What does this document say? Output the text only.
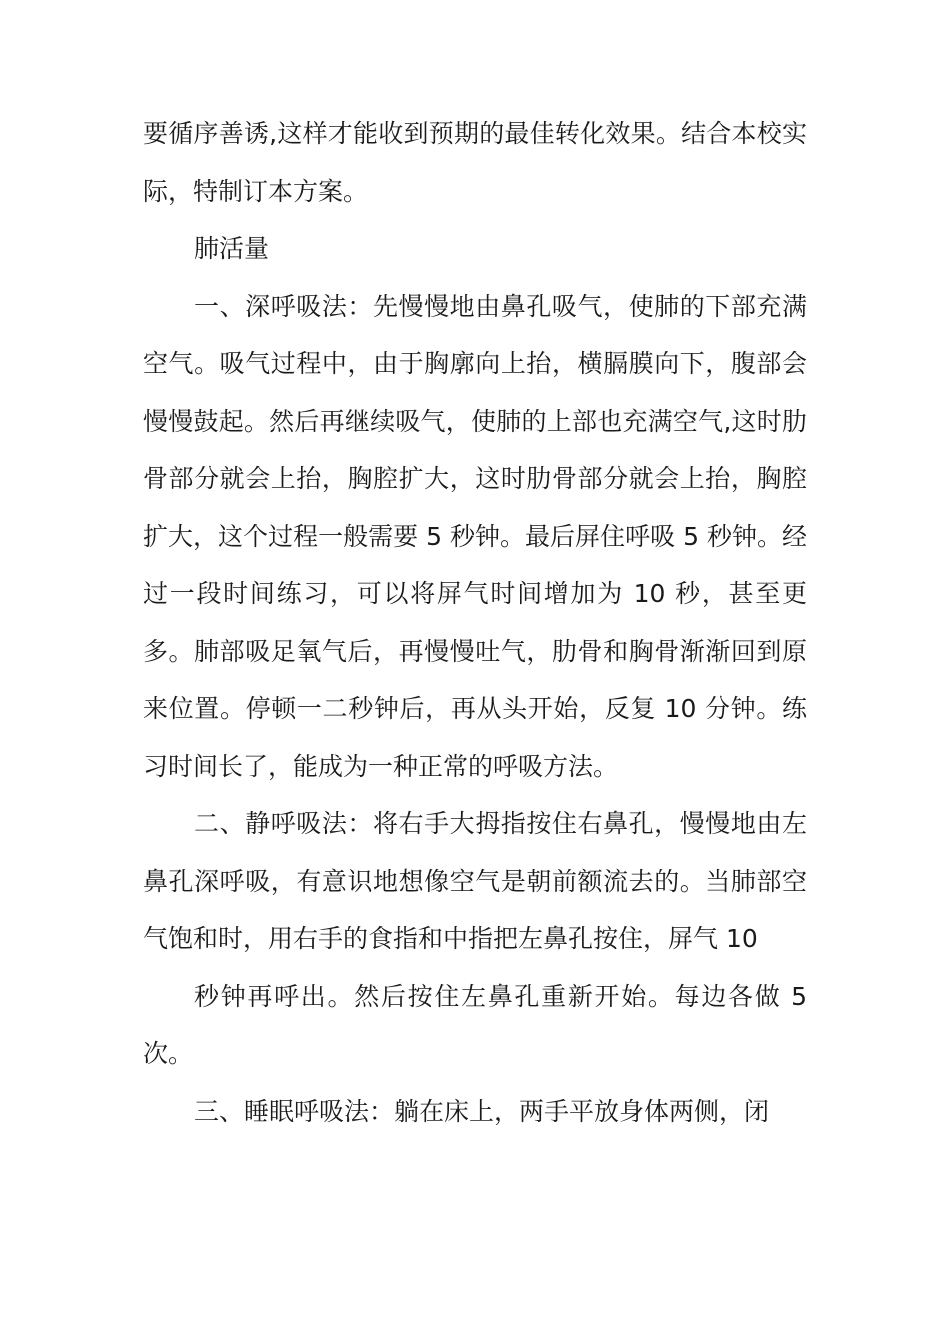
要循序善诱,这样才能收到预期的最佳转化效果。结合本校实际，特制订本方案。

肺活量

一、深呼吸法：先慢慢地由鼻孔吸气，使肺的下部充满空气。吸气过程中，由于胸廓向上抬，横膈膜向下，腹部会慢慢鼓起。然后再继续吸气，使肺的上部也充满空气,这时肋骨部分就会上抬，胸腔扩大，这时肋骨部分就会上抬，胸腔扩大，这个过程一般需要 5 秒钟。最后屏住呼吸 5 秒钟。经过一段时间练习，可以将屏气时间增加为 10 秒，甚至更多。肺部吸足氧气后，再慢慢吐气，肋骨和胸骨渐渐回到原来位置。停顿一二秒钟后，再从头开始，反复 10 分钟。练习时间长了，能成为一种正常的呼吸方法。

二、静呼吸法：将右手大拇指按住右鼻孔，慢慢地由左鼻孔深呼吸，有意识地想像空气是朝前额流去的。当肺部空气饱和时，用右手的食指和中指把左鼻孔按住，屏气 10

秒钟再呼出。然后按住左鼻孔重新开始。每边各做 5 次。

三、睡眠呼吸法：躺在床上，两手平放身体两侧，闭
